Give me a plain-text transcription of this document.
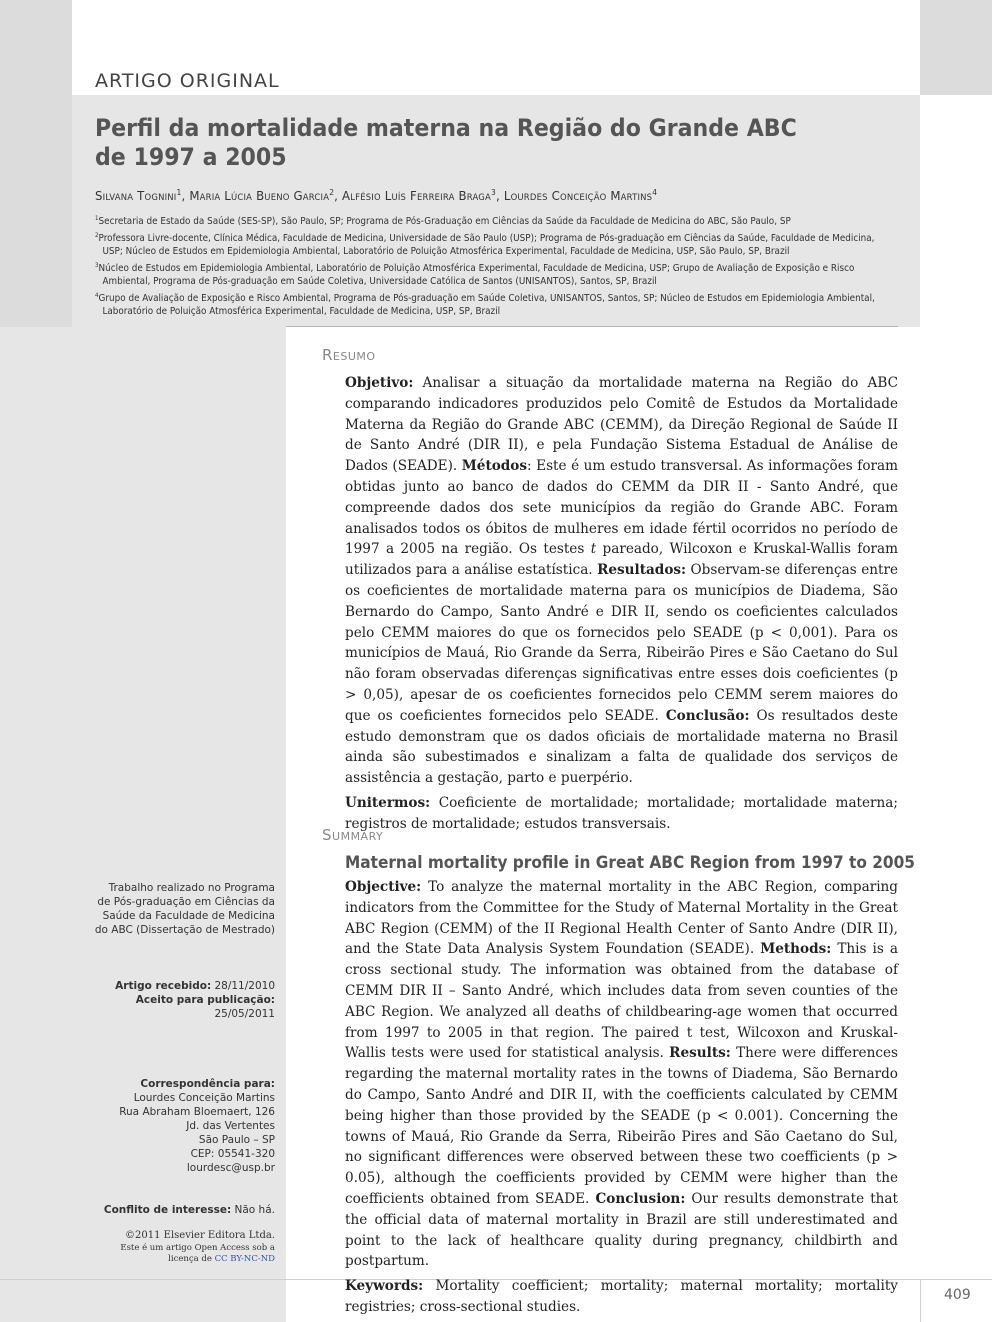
ARTIGO ORIGINAL
Perfil da mortalidade materna na Região do Grande ABC de 1997 a 2005
Silvana Tognini$^1$, Maria Lúcia Bueno Garcia$^2$, Alfésio Luís Ferreira Braga$^3$, Lourdes Conceição Martins$^4$

$^1$Secretaria de Estado da Saúde (SES-SP), São Paulo, SP; Programa de Pós-Graduação em Ciências da Saúde da Faculdade de Medicina do ABC, São Paulo, SP

$^2$Professora Livre-docente, Clínica Médica, Faculdade de Medicina, Universidade de São Paulo (USP); Programa de Pós-graduação em Ciências da Saúde, Faculdade de Medicina, USP; Núcleo de Estudos em Epidemiologia Ambiental, Laboratório de Poluição Atmosférica Experimental, Faculdade de Medicina, USP, São Paulo, SP, Brazil

$^3$Núcleo de Estudos em Epidemiologia Ambiental, Laboratório de Poluição Atmosférica Experimental, Faculdade de Medicina, USP; Grupo de Avaliação de Exposição e Risco Ambiental, Programa de Pós-graduação em Saúde Coletiva, Universidade Católica de Santos (UNISANTOS), Santos, SP, Brazil

$^4$Grupo de Avaliação de Exposição e Risco Ambiental, Programa de Pós-graduação em Saúde Coletiva, UNISANTOS, Santos, SP; Núcleo de Estudos em Epidemiologia Ambiental, Laboratório de Poluição Atmosférica Experimental, Faculdade de Medicina, USP, SP, Brazil

Resumo

Objetivo: Analisar a situação da mortalidade materna na Região do ABC comparando indicadores produzidos pelo Comitê de Estudos da Mortalidade Materna da Região do Grande ABC (CEMM), da Direção Regional de Saúde II de Santo André (DIR II), e pela Fundação Sistema Estadual de Análise de Dados (SEADE). Métodos: Este é um estudo transversal. As informações foram obtidas junto ao banco de dados do CEMM da DIR II - Santo André, que compreende dados dos sete municípios da região do Grande ABC. Foram analisados todos os óbitos de mulheres em idade fértil ocorridos no período de 1997 a 2005 na região. Os testes t pareado, Wilcoxon e Kruskal-Wallis foram utilizados para a análise estatística. Resultados: Observam-se diferenças entre os coeficientes de mortalidade materna para os municípios de Diadema, São Bernardo do Campo, Santo André e DIR II, sendo os coeficientes calculados pelo CEMM maiores do que os fornecidos pelo SEADE (p < 0,001). Para os municípios de Mauá, Rio Grande da Serra, Ribeirão Pires e São Caetano do Sul não foram observadas diferenças significativas entre esses dois coeficientes (p > 0,05), apesar de os coeficientes fornecidos pelo CEMM serem maiores do que os coeficientes fornecidos pelo SEADE. Conclusão: Os resultados deste estudo demonstram que os dados oficiais de mortalidade materna no Brasil ainda são subestimados e sinalizam a falta de qualidade dos serviços de assistência a gestação, parto e puerpério.

Unitermos: Coeficiente de mortalidade; mortalidade; mortalidade materna; registros de mortalidade; estudos transversais.

Summary
Maternal mortality profile in Great ABC Region from 1997 to 2005

Objective: To analyze the maternal mortality in the ABC Region, comparing indicators from the Committee for the Study of Maternal Mortality in the Great ABC Region (CEMM) of the II Regional Health Center of Santo Andre (DIR II), and the State Data Analysis System Foundation (SEADE). Methods: This is a cross sectional study. The information was obtained from the database of CEMM DIR II – Santo André, which includes data from seven counties of the ABC Region. We analyzed all deaths of childbearing-age women that occurred from 1997 to 2005 in that region. The paired t test, Wilcoxon and Kruskal-Wallis tests were used for statistical analysis. Results: There were differences regarding the maternal mortality rates in the towns of Diadema, São Bernardo do Campo, Santo André and DIR II, with the coefficients calculated by CEMM being higher than those provided by the SEADE (p < 0.001). Concerning the towns of Mauá, Rio Grande da Serra, Ribeirão Pires and São Caetano do Sul, no significant differences were observed between these two coefficients (p > 0.05), although the coefficients provided by CEMM were higher than the coefficients obtained from SEADE. Conclusion: Our results demonstrate that the official data of maternal mortality in Brazil are still underestimated and point to the lack of healthcare quality during pregnancy, childbirth and postpartum.

Keywords: Mortality coefficient; mortality; maternal mortality; mortality registries; cross-sectional studies.

Trabalho realizado no Programa

de Pós-graduação em Ciências da

Saúde da Faculdade de Medicina

do ABC (Dissertação de Mestrado)

Artigo recebido: 28/11/2010

Aceito para publicação: 25/05/2011

Correspondência para:

Lourdes Conceição Martins

Rua Abraham Bloemaert, 126

Jd. das Vertentes

São Paulo – SP

CEP: 05541-320

lourdesc@usp.br

Conflito de interesse: Não há.

©2011 Elsevier Editora Ltda.

Este é um artigo Open Access sob a

licença de CC BY-NC-ND

409
